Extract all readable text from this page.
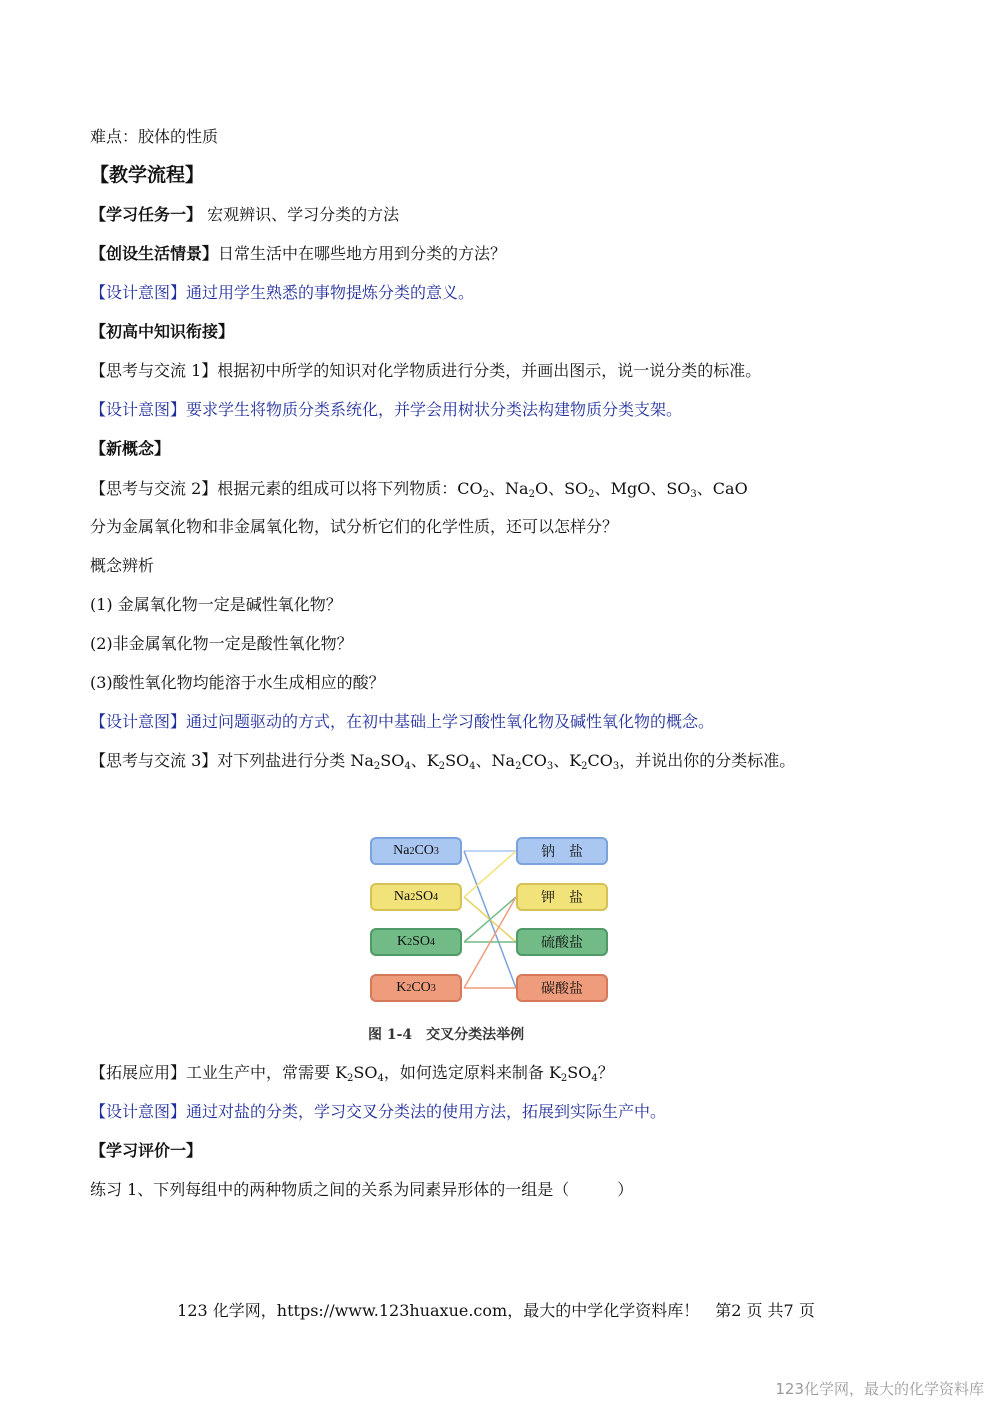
难点：胶体的性质
【教学流程】
【学习任务一】 宏观辨识、学习分类的方法
【创设生活情景】日常生活中在哪些地方用到分类的方法？
【设计意图】通过用学生熟悉的事物提炼分类的意义。
【初高中知识衔接】
【思考与交流 1】根据初中所学的知识对化学物质进行分类，并画出图示，说一说分类的标准。
【设计意图】要求学生将物质分类系统化，并学会用树状分类法构建物质分类支架。
【新概念】
【思考与交流 2】根据元素的组成可以将下列物质：$CO_2$、$Na_2O$、$SO_2$、MgO、$SO_3$、CaO
分为金属氧化物和非金属氧化物，试分析它们的化学性质，还可以怎样分？
概念辨析
(1) 金属氧化物一定是碱性氧化物？
(2)非金属氧化物一定是酸性氧化物？
(3)酸性氧化物均能溶于水生成相应的酸？
【设计意图】通过问题驱动的方式，在初中基础上学习酸性氧化物及碱性氧化物的概念。
【思考与交流 3】对下列盐进行分类 $Na_2SO_4$、$K_2SO_4$、$Na_2CO_3$、$K_2CO_3$，并说出你的分类标准。
Na 2 CO 3
Na 2 SO 4
K 2 SO 4
K 2 CO 3
钠　盐
钾　盐
硫酸盐
碳酸盐
图 1-4　交叉分类法举例
【拓展应用】工业生产中，常需要 $K_2SO_4$，如何选定原料来制备 $K_2SO_4$？
【设计意图】通过对盐的分类，学习交叉分类法的使用方法，拓展到实际生产中。
【学习评价一】
练习 1、下列每组中的两种物质之间的关系为同素异形体的一组是（　　　）
123 化学网，https://www.123huaxue.com，最大的中学化学资料库！　第2 页 共7 页
123化学网，最大的化学资料库
